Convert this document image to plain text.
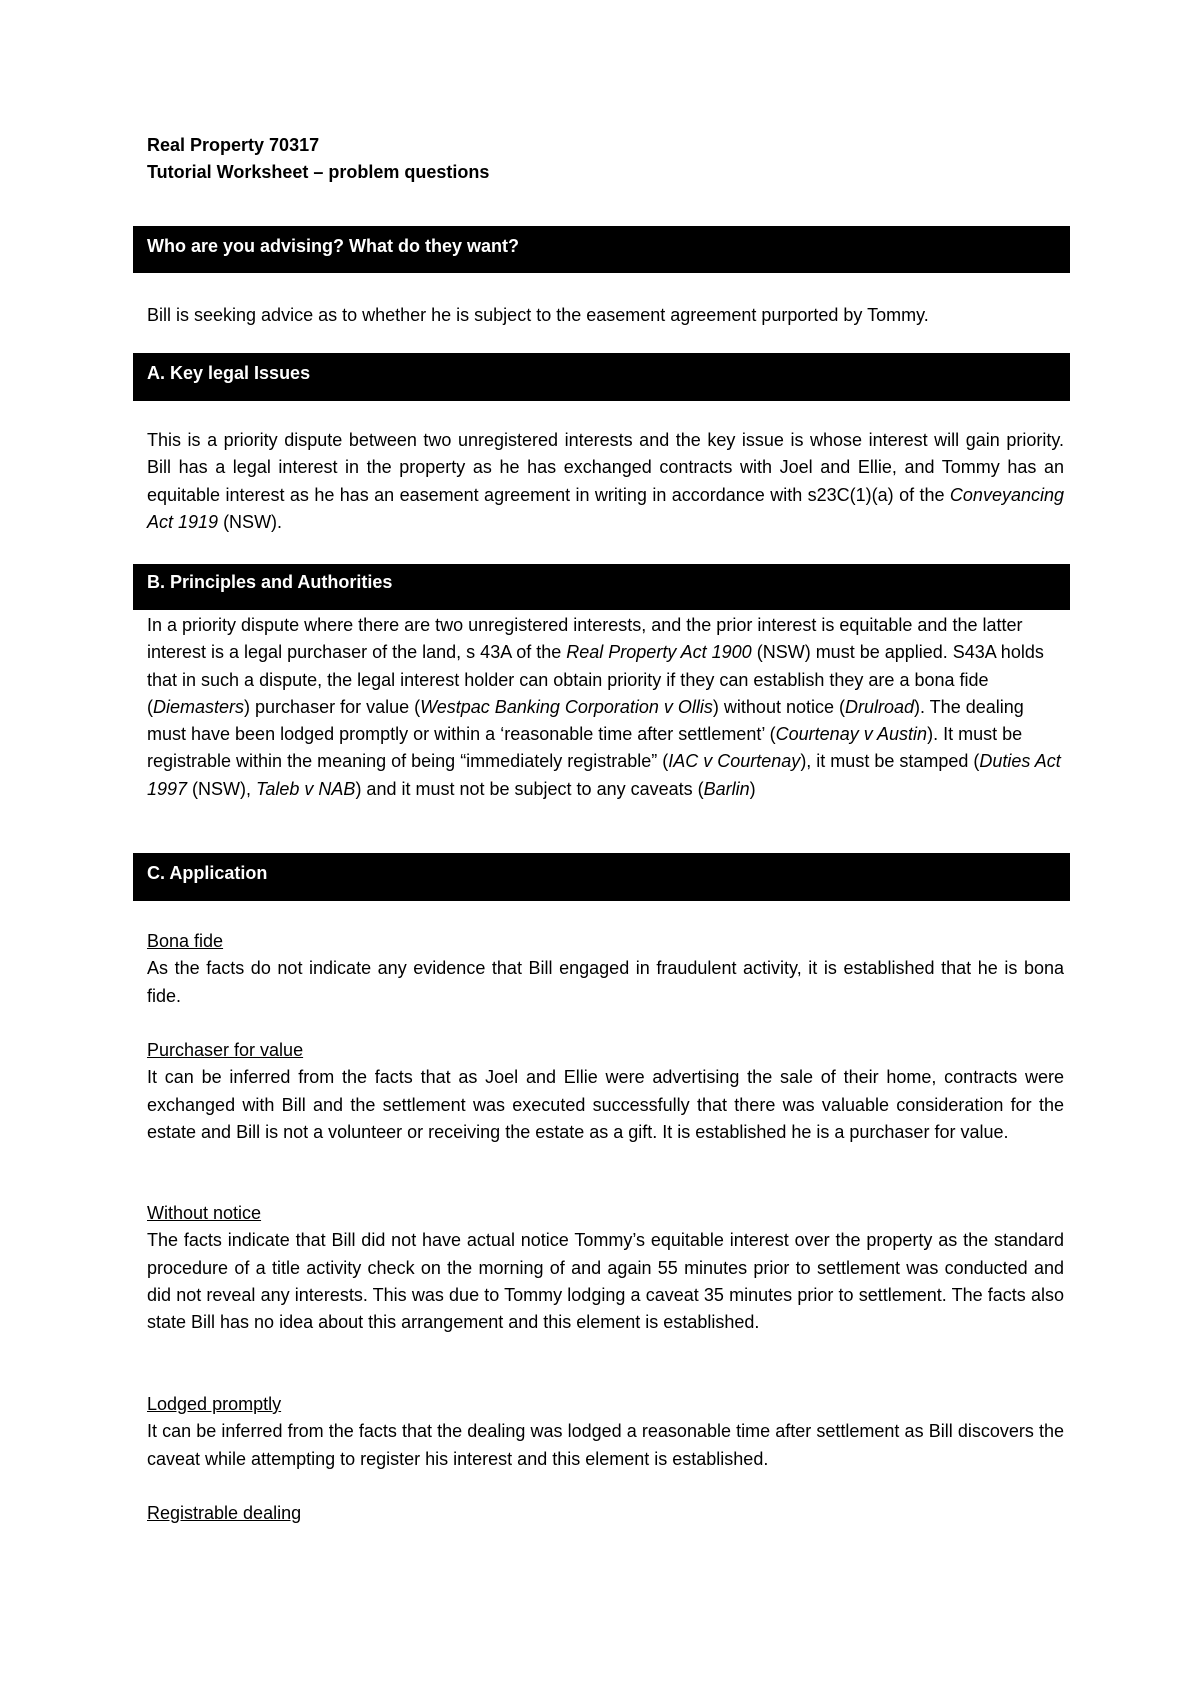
Real Property 70317

Tutorial Worksheet – problem questions

Who are you advising? What do they want?

Bill is seeking advice as to whether he is subject to the easement agreement purported by Tommy.

A. Key legal Issues

This is a priority dispute between two unregistered interests and the key issue is whose interest will gain priority. Bill has a legal interest in the property as he has exchanged contracts with Joel and Ellie, and Tommy has an equitable interest as he has an easement agreement in writing in accordance with s23C(1)(a) of the Conveyancing Act 1919 (NSW).

B. Principles and Authorities

In a priority dispute where there are two unregistered interests, and the prior interest is equitable and the latter interest is a legal purchaser of the land, s 43A of the Real Property Act 1900 (NSW) must be applied. S43A holds that in such a dispute, the legal interest holder can obtain priority if they can establish they are a bona fide (Diemasters) purchaser for value (Westpac Banking Corporation v Ollis) without notice (Drulroad). The dealing must have been lodged promptly or within a ‘reasonable time after settlement’ (Courtenay v Austin). It must be registrable within the meaning of being “immediately registrable” (IAC v Courtenay), it must be stamped (Duties Act 1997 (NSW), Taleb v NAB) and it must not be subject to any caveats (Barlin)

C. Application

Bona fide

As the facts do not indicate any evidence that Bill engaged in fraudulent activity, it is established that he is bona fide.

Purchaser for value

It can be inferred from the facts that as Joel and Ellie were advertising the sale of their home, contracts were exchanged with Bill and the settlement was executed successfully that there was valuable consideration for the estate and Bill is not a volunteer or receiving the estate as a gift. It is established he is a purchaser for value.

Without notice

The facts indicate that Bill did not have actual notice Tommy’s equitable interest over the property as the standard procedure of a title activity check on the morning of and again 55 minutes prior to settlement was conducted and did not reveal any interests. This was due to Tommy lodging a caveat 35 minutes prior to settlement. The facts also state Bill has no idea about this arrangement and this element is established.

Lodged promptly

It can be inferred from the facts that the dealing was lodged a reasonable time after settlement as Bill discovers the caveat while attempting to register his interest and this element is established.

Registrable dealing
